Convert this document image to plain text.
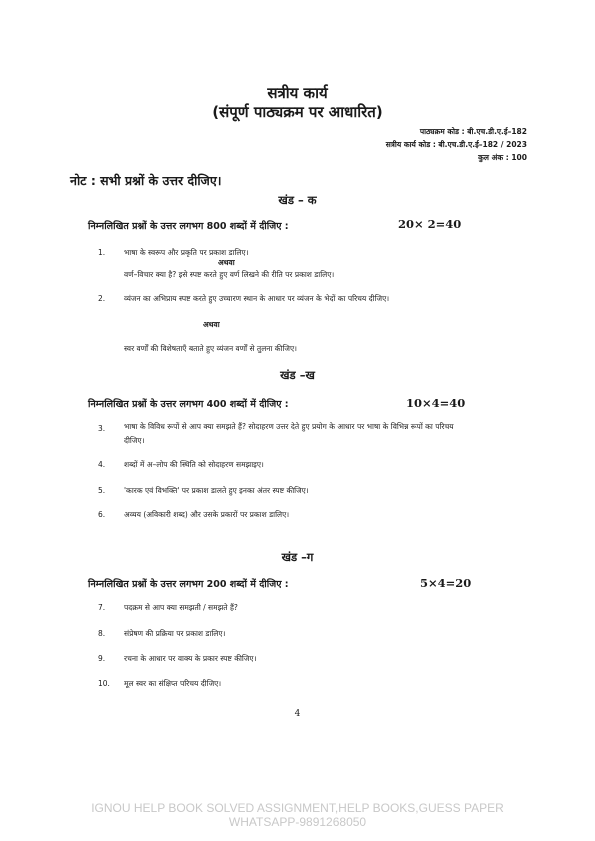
सत्रीय कार्य
(संपूर्ण पाठ्यक्रम पर आधारित)
पाठ्यक्रम कोड : बी.एच.डी.ए.ई–182
सत्रीय कार्य कोड : बी.एच.डी.ए.ई–182 / 2023
कुल अंक : 100
नोट : सभी प्रश्नों के उत्तर दीजिए।
खंड – क
निम्नलिखित प्रश्नों के उत्तर लगभग 800 शब्दों में दीजिए :	20× 2=40
1.	भाषा के स्वरूप और प्रकृति पर प्रकाश डालिए।
अथवा
वर्ण–विचार क्या है? इसे स्पष्ट करते हुए वर्ण लिखने की रीति पर प्रकाश डालिए।
2.	व्यंजन का अभिप्राय स्पष्ट करते हुए उच्चारण स्थान के आधार पर व्यंजन के भेदों का परिचय दीजिए।
अथवा
स्वर वर्णों की विशेषताएँ बताते हुए व्यंजन वर्णों से तुलना कीजिए।
खंड –ख
निम्नलिखित प्रश्नों के उत्तर लगभग 400 शब्दों में दीजिए :	10×4=40
3.	भाषा के विविध रूपों से आप क्या समझते हैं? सोदाहरण उत्तर देते हुए प्रयोग के आधार पर भाषा के विभिन्न रूपों का परिचय दीजिए।
4.	शब्दों में अ–लोप की स्थिति को सोदाहरण समझाइए।
5.	'कारक एवं विभक्ति' पर प्रकाश डालते हुए इनका अंतर स्पष्ट कीजिए।
6.	अव्यय (अविकारी शब्द) और उसके प्रकारों पर प्रकाश डालिए।
खंड –ग
निम्नलिखित प्रश्नों के उत्तर लगभग 200 शब्दों में दीजिए :	5×4=20
7.	पदक्रम से आप क्या समझती / समझते हैं?
8.	संप्रेषण की प्रक्रिया पर प्रकाश डालिए।
9.	रचना के आधार पर वाक्य के प्रकार स्पष्ट कीजिए।
10. मूल स्वर का संक्षिप्त परिचय दीजिए।
4
IGNOU HELP BOOK SOLVED ASSIGNMENT,HELP BOOKS,GUESS PAPER
WHATSAPP-9891268050
